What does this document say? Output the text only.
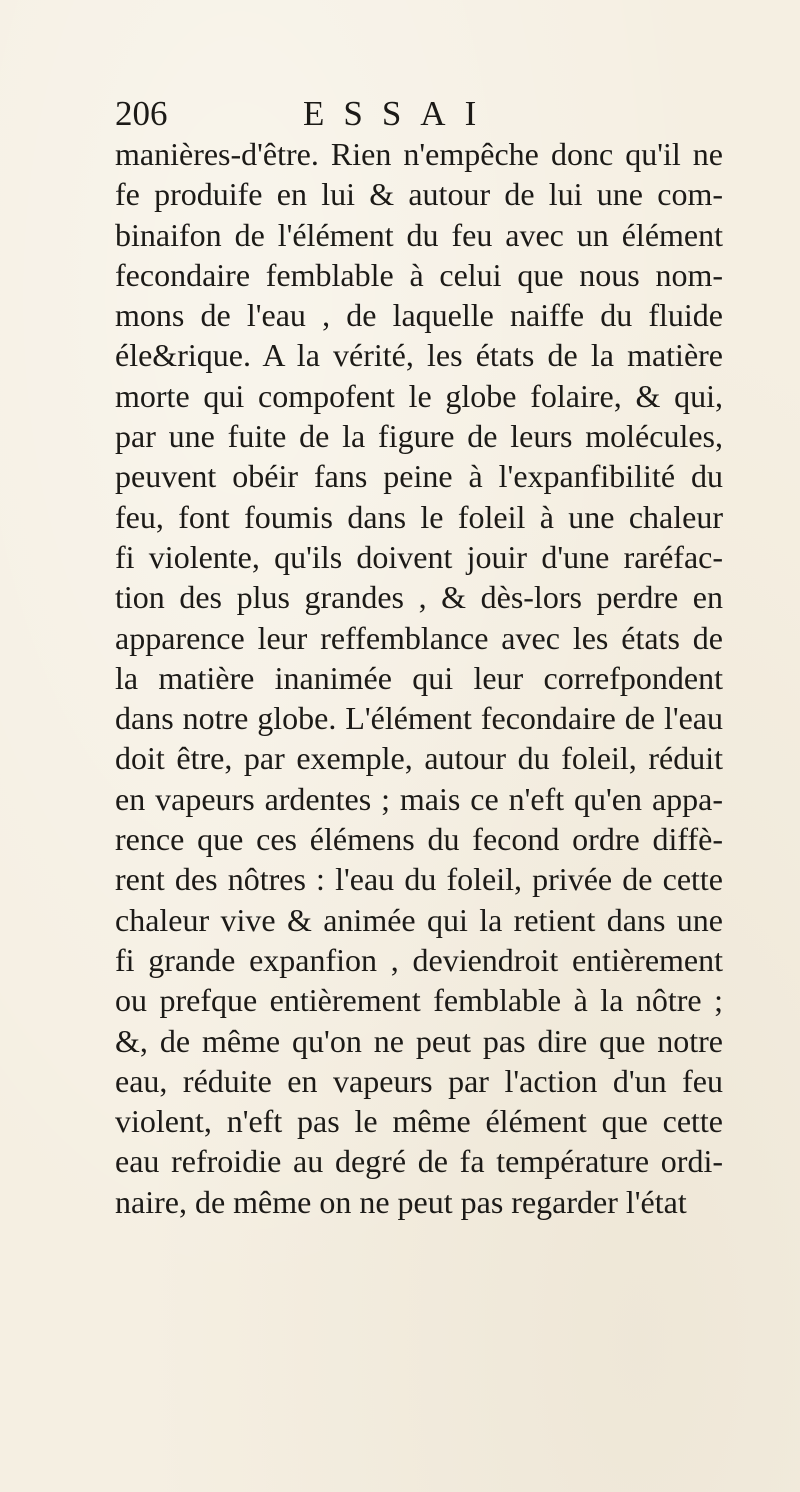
206	ESSAI
manières-d'être. Rien n'empêche donc qu'il ne
fe produife en lui & autour de lui une com-
binaifon de l'élément du feu avec un élément
fecondaire femblable à celui que nous nom-
mons de l'eau , de laquelle naiffe du fluide
éle&rique. A la vérité, les états de la matière
morte qui compofent le globe folaire, & qui,
par une fuite de la figure de leurs molécules,
peuvent obéir fans peine à l'expanfibilité du
feu, font foumis dans le foleil à une chaleur
fi violente, qu'ils doivent jouir d'une raréfac-
tion des plus grandes , & dès-lors perdre en
apparence leur reffemblance avec les états de
la matière inanimée qui leur correfpondent
dans notre globe. L'élément fecondaire de l'eau
doit être, par exemple, autour du foleil, réduit
en vapeurs ardentes ; mais ce n'eft qu'en appa-
rence que ces élémens du fecond ordre diffè-
rent des nôtres : l'eau du foleil, privée de cette
chaleur vive & animée qui la retient dans une
fi grande expanfion , deviendroit entièrement
ou prefque entièrement femblable à la nôtre ;
&, de même qu'on ne peut pas dire que notre
eau, réduite en vapeurs par l'action d'un feu
violent, n'eft pas le même élément que cette
eau refroidie au degré de fa température ordi-
naire, de même on ne peut pas regarder l'état
